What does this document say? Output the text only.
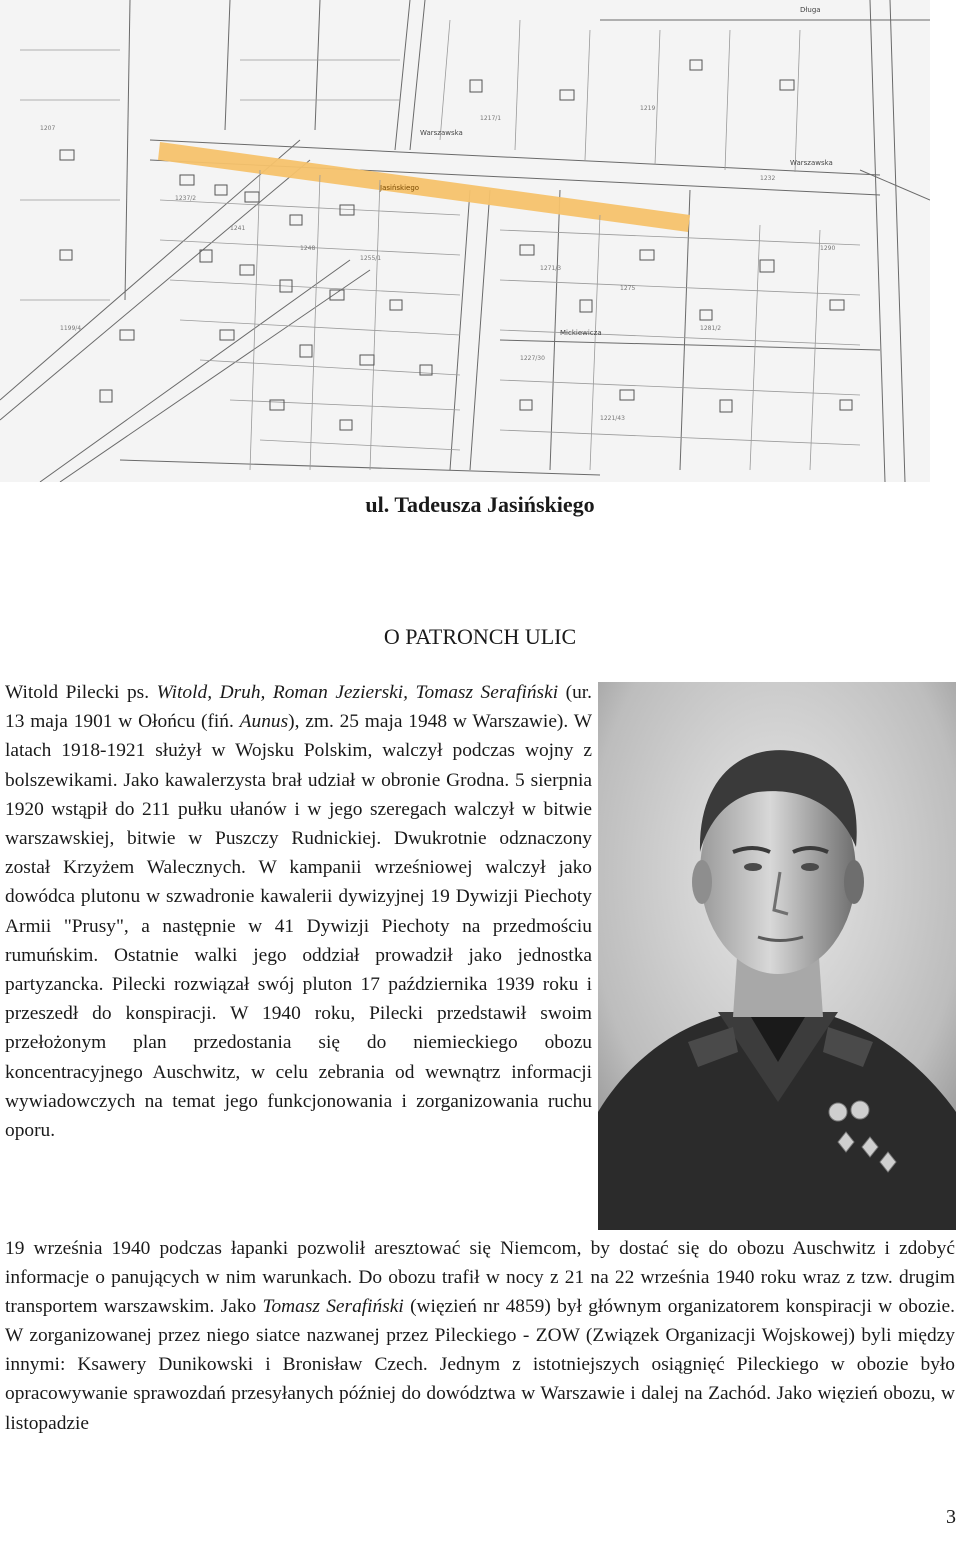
1237/2
1241
1248
1255/1
1271/3
1275
1281/2
1227/30
1221/43
1232
1290
1217/1
1219
1207
1199/4
Warszawska
Warszawska
Jasińskiego
Mickiewicza
Długa
ul. Tadeusza Jasińskiego
O PATRONCH ULIC

Witold Pilecki ps. Witold, Druh, Roman Jezierski, Tomasz Serafiński (ur. 13 maja 1901 w Ołońcu (fiń. Aunus), zm. 25 maja 1948 w Warszawie). W latach 1918-1921 służył w Wojsku Polskim, walczył podczas wojny z bolszewikami. Jako kawalerzysta brał udział w obronie Grodna. 5 sierpnia 1920 wstąpił do 211 pułku ułanów i w jego szeregach walczył w bitwie warszawskiej, bitwie w Puszczy Rudnickiej. Dwukrotnie odznaczony został Krzyżem Walecznych. W kampanii wrześniowej walczył jako dowódca plutonu w szwadronie kawalerii dywizyjnej 19 Dywizji Piechoty Armii "Prusy", a następnie w 41 Dywizji Piechoty na przedmościu rumuńskim. Ostatnie walki jego oddział prowadził jako jednostka partyzancka. Pilecki rozwiązał swój pluton 17 października 1939 roku i przeszedł do konspiracji. W 1940 roku, Pilecki przedstawił swoim przełożonym plan przedostania się do niemieckiego obozu koncentracyjnego Auschwitz, w celu zebrania od wewnątrz informacji wywiadowczych na temat jego funkcjonowania i zorganizowania ruchu oporu.

19 września 1940 podczas łapanki pozwolił aresztować się Niemcom, by dostać się do obozu Auschwitz i zdobyć informacje o panujących w nim warunkach. Do obozu trafił w nocy z 21 na 22 września 1940 roku wraz z tzw. drugim transportem warszawskim. Jako Tomasz Serafiński (więzień nr 4859) był głównym organizatorem konspiracji w obozie. W zorganizowanej przez niego siatce nazwanej przez Pileckiego - ZOW (Związek Organizacji Wojskowej) byli między innymi: Ksawery Dunikowski i Bronisław Czech. Jednym z istotniejszych osiągnięć Pileckiego w obozie było opracowywanie sprawozdań przesyłanych później do dowództwa w Warszawie i dalej na Zachód. Jako więzień obozu, w listopadzie

3
